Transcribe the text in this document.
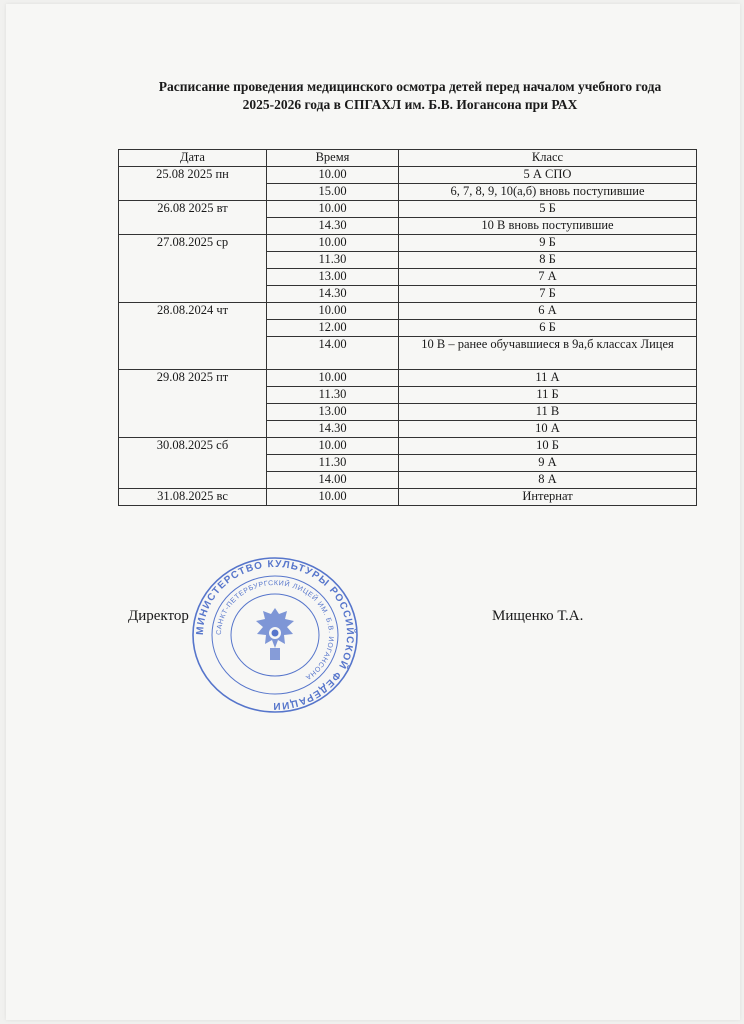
Расписание проведения медицинского осмотра детей перед началом учебного года
2025-2026 года в СПГАХЛ им. Б.В. Иогансона при РАХ
Дата	Время	Класс
25.08 2025 пн	10.00	5 А СПО
	15.00	6, 7, 8, 9, 10(а,б) вновь поступившие
26.08 2025 вт	10.00	5 Б
	14.30	10 В вновь поступившие
27.08.2025 ср	10.00	9 Б
	11.30	8 Б
	13.00	7 А
	14.30	7 Б
28.08.2024 чт	10.00	6 А
	12.00	6 Б
	14.00	10 В – ранее обучавшиеся в 9а,б классах Лицея
29.08 2025 пт	10.00	11 А
	11.30	11 Б
	13.00	11 В
	14.30	10 А
30.08.2025 сб	10.00	10 Б
	11.30	9 А
	14.00	8 А
31.08.2025 вс	10.00	Интернат
Директор	Мищенко Т.А.
МИНИСТЕРСТВО КУЛЬТУРЫ РОССИЙСКОЙ ФЕДЕРАЦИИ
САНКТ-ПЕТЕРБУРГСКИЙ ЛИЦЕЙ ИМ. Б.В. ИОГАНСОНА
